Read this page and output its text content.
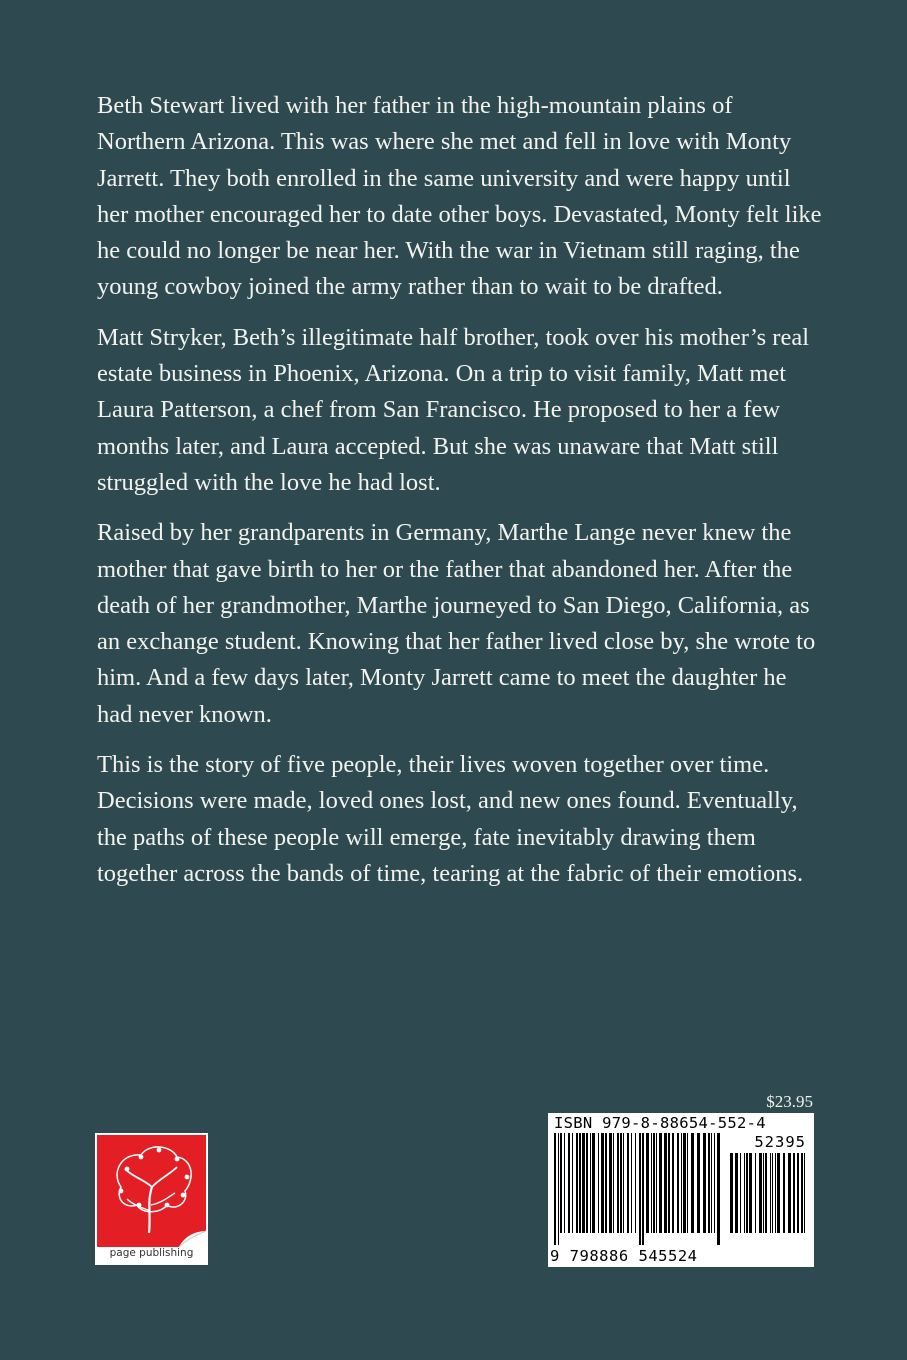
Beth Stewart lived with her father in the high-mountain plains of Northern Arizona. This was where she met and fell in love with Monty Jarrett. They both enrolled in the same university and were happy until her mother encouraged her to date other boys. Devastated, Monty felt like he could no longer be near her. With the war in Vietnam still raging, the young cowboy joined the army rather than to wait to be drafted.

Matt Stryker, Beth’s illegitimate half brother, took over his mother’s real estate business in Phoenix, Arizona. On a trip to visit family, Matt met Laura Patterson, a chef from San Francisco. He proposed to her a few months later, and Laura accepted. But she was unaware that Matt still struggled with the love he had lost.

Raised by her grandparents in Germany, Marthe Lange never knew the mother that gave birth to her or the father that abandoned her. After the death of her grandmother, Marthe journeyed to San Diego, California, as an exchange student. Knowing that her father lived close by, she wrote to him. And a few days later, Monty Jarrett came to meet the daughter he had never known.

This is the story of five people, their lives woven together over time. Decisions were made, loved ones lost, and new ones found. Eventually, the paths of these people will emerge, fate inevitably drawing them together across the bands of time, tearing at the fabric of their emotions.

$23.95
ISBN 979-8-88654-552-4
52395
9 798886 545524
page publishing
